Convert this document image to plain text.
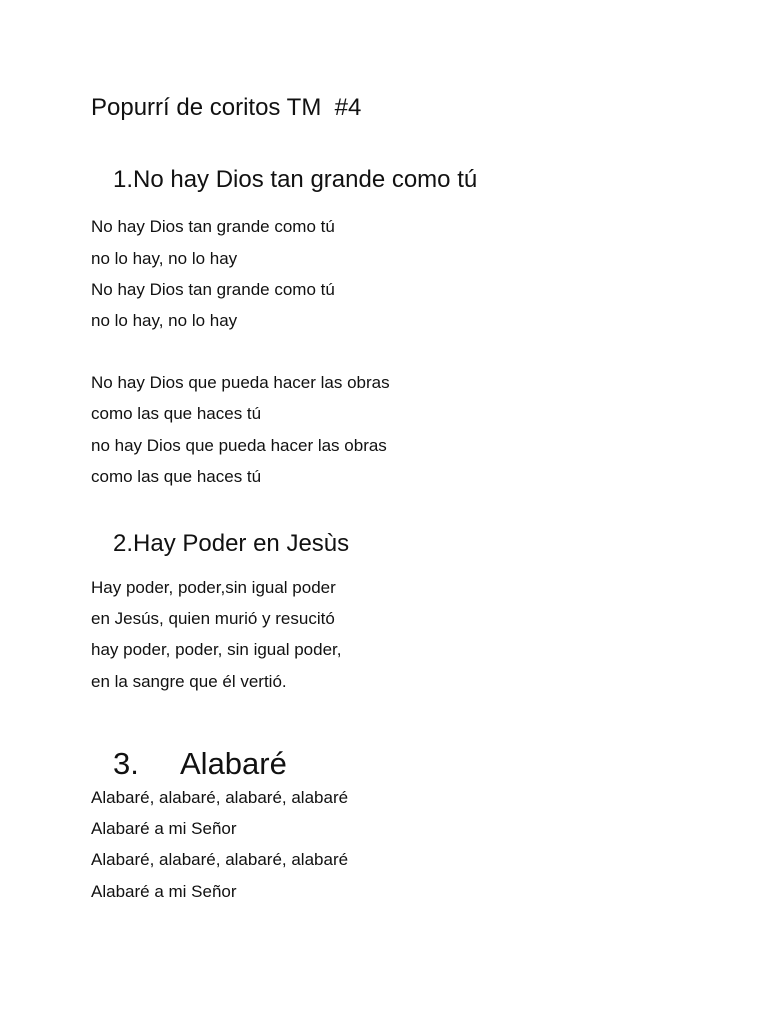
Popurrí de coritos TM  #4
1.No hay Dios tan grande como tú
No hay Dios tan grande como tú
no lo hay, no lo hay
No hay Dios tan grande como tú
no lo hay, no lo hay
No hay Dios que pueda hacer las obras
como las que haces tú
no hay Dios que pueda hacer las obras
como las que haces tú
2.Hay Poder en Jesùs
Hay poder, poder,sin igual poder
en Jesús, quien murió y resucitó
hay poder, poder, sin igual poder,
en la sangre que él vertió.
3. Alabaré
Alabaré, alabaré, alabaré, alabaré
Alabaré a mi Señor
Alabaré, alabaré, alabaré, alabaré
Alabaré a mi Señor
